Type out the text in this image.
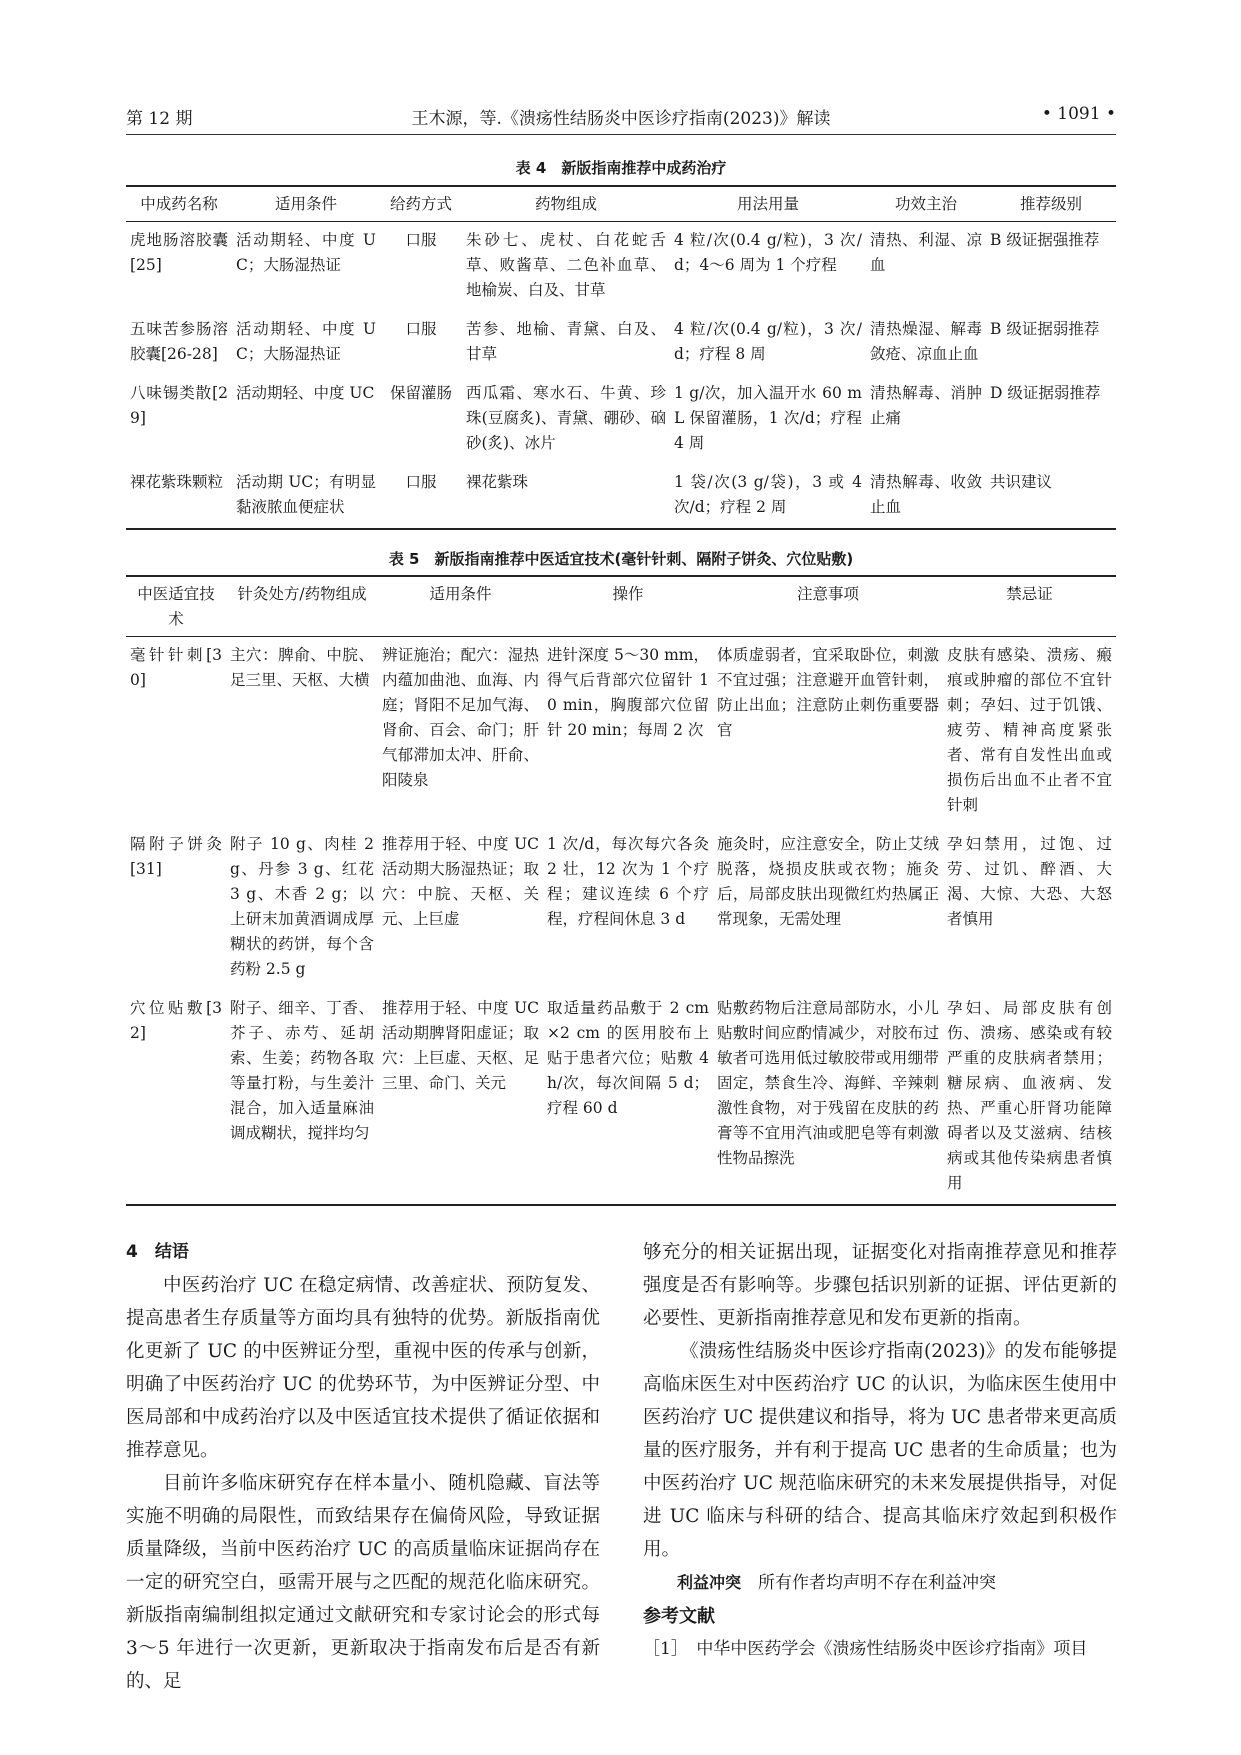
第 12 期	王木源，等.《溃疡性结肠炎中医诊疗指南(2023)》解读	• 1091 •
表 4　新版指南推荐中成药治疗
中成药名称	适用条件	给药方式	药物组成	用法用量	功效主治	推荐级别
虎地肠溶胶囊[25]	活动期轻、中度 UC；大肠湿热证	口服	朱砂七、虎杖、白花蛇舌草、败酱草、二色补血草、地榆炭、白及、甘草	4 粒/次(0.4 g/粒)，3 次/d；4～6 周为 1 个疗程	清热、利湿、凉血	B 级证据强推荐
五味苦参肠溶胶囊[26-28]	活动期轻、中度 UC；大肠湿热证	口服	苦参、地榆、青黛、白及、甘草	4 粒/次(0.4 g/粒)，3 次/d；疗程 8 周	清热燥湿、解毒敛疮、凉血止血	B 级证据弱推荐
八味锡类散[29]	活动期轻、中度 UC	保留灌肠	西瓜霜、寒水石、牛黄、珍珠(豆腐炙)、青黛、硼砂、硇砂(炙)、冰片	1 g/次，加入温开水 60 mL 保留灌肠，1 次/d；疗程 4 周	清热解毒、消肿止痛	D 级证据弱推荐
裸花紫珠颗粒	活动期 UC；有明显黏液脓血便症状	口服	裸花紫珠	1 袋/次(3 g/袋)，3 或 4 次/d；疗程 2 周	清热解毒、收敛止血	共识建议
表 5　新版指南推荐中医适宜技术(毫针针刺、隔附子饼灸、穴位贴敷)
中医适宜技术	针灸处方/药物组成	适用条件	操作	注意事项	禁忌证
毫针针刺[30]	主穴：脾俞、中脘、足三里、天枢、大横	辨证施治；配穴：湿热内蕴加曲池、血海、内庭；肾阳不足加气海、肾俞、百会、命门；肝气郁滞加太冲、肝俞、阳陵泉	进针深度 5～30 mm，得气后背部穴位留针 10 min，胸腹部穴位留针 20 min；每周 2 次	体质虚弱者，宜采取卧位，刺激不宜过强；注意避开血管针刺，防止出血；注意防止刺伤重要器官	皮肤有感染、溃疡、瘢痕或肿瘤的部位不宜针刺；孕妇、过于饥饿、疲劳、精神高度紧张者、常有自发性出血或损伤后出血不止者不宜针刺
隔附子饼灸[31]	附子 10 g、肉桂 2 g、丹参 3 g、红花 3 g、木香 2 g；以上研末加黄酒调成厚糊状的药饼，每个含药粉 2.5 g	推荐用于轻、中度 UC 活动期大肠湿热证；取穴：中脘、天枢、关元、上巨虚	1 次/d，每次每穴各灸 2 壮，12 次为 1 个疗程；建议连续 6 个疗程，疗程间休息 3 d	施灸时，应注意安全，防止艾绒脱落，烧损皮肤或衣物；施灸后，局部皮肤出现微红灼热属正常现象，无需处理	孕妇禁用，过饱、过劳、过饥、醉酒、大渴、大惊、大恐、大怒者慎用
穴位贴敷[32]	附子、细辛、丁香、芥子、赤芍、延胡索、生姜；药物各取等量打粉，与生姜汁混合，加入适量麻油调成糊状，搅拌均匀	推荐用于轻、中度 UC 活动期脾肾阳虚证；取穴：上巨虚、天枢、足三里、命门、关元	取适量药品敷于 2 cm×2 cm 的医用胶布上贴于患者穴位；贴敷 4 h/次，每次间隔 5 d；疗程 60 d	贴敷药物后注意局部防水，小儿贴敷时间应酌情减少，对胶布过敏者可选用低过敏胶带或用绷带固定，禁食生冷、海鲜、辛辣刺激性食物，对于残留在皮肤的药膏等不宜用汽油或肥皂等有刺激性物品擦洗	孕妇、局部皮肤有创伤、溃疡、感染或有较严重的皮肤病者禁用；糖尿病、血液病、发热、严重心肝肾功能障碍者以及艾滋病、结核病或其他传染病患者慎用

4　结语

中医药治疗 UC 在稳定病情、改善症状、预防复发、提高患者生存质量等方面均具有独特的优势。新版指南优化更新了 UC 的中医辨证分型，重视中医的传承与创新，明确了中医药治疗 UC 的优势环节，为中医辨证分型、中医局部和中成药治疗以及中医适宜技术提供了循证依据和推荐意见。

目前许多临床研究存在样本量小、随机隐藏、盲法等实施不明确的局限性，而致结果存在偏倚风险，导致证据质量降级，当前中医药治疗 UC 的高质量临床证据尚存在一定的研究空白，亟需开展与之匹配的规范化临床研究。新版指南编制组拟定通过文献研究和专家讨论会的形式每 3～5 年进行一次更新，更新取决于指南发布后是否有新的、足

够充分的相关证据出现，证据变化对指南推荐意见和推荐强度是否有影响等。步骤包括识别新的证据、评估更新的必要性、更新指南推荐意见和发布更新的指南。

《溃疡性结肠炎中医诊疗指南(2023)》的发布能够提高临床医生对中医药治疗 UC 的认识，为临床医生使用中医药治疗 UC 提供建议和指导，将为 UC 患者带来更高质量的医疗服务，并有利于提高 UC 患者的生命质量；也为中医药治疗 UC 规范临床研究的未来发展提供指导，对促进 UC 临床与科研的结合、提高其临床疗效起到积极作用。

利益冲突　 所有作者均声明不存在利益冲突

参考文献

［1］　中华中医药学会《溃疡性结肠炎中医诊疗指南》项目
